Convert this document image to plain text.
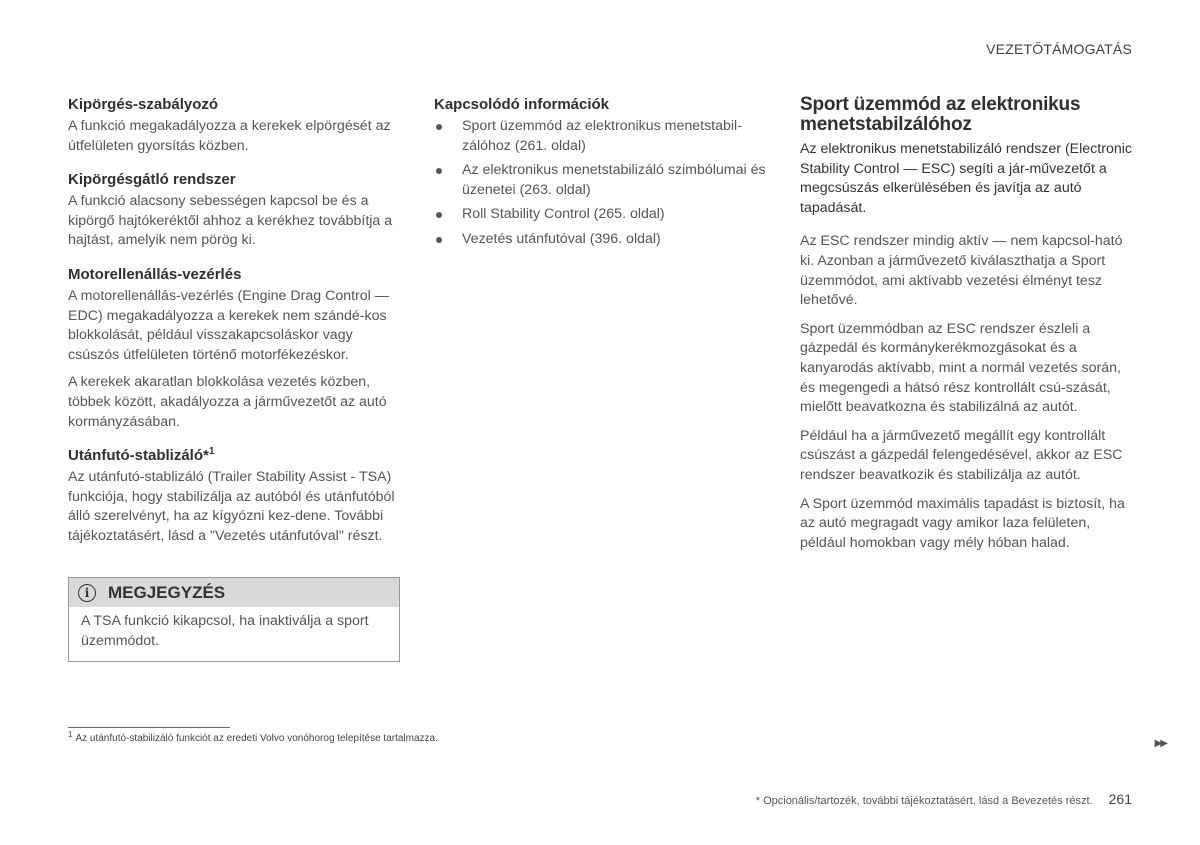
VEZETŐTÁMOGATÁS
Kipörgés-szabályozó

A funkció megakadályozza a kerekek elpörgését az útfelületen gyorsítás közben.

Kipörgésgátló rendszer

A funkció alacsony sebességen kapcsol be és a kipörgő hajtókeréktől ahhoz a kerékhez továbbítja a hajtást, amelyik nem pörög ki.

Motorellenállás-vezérlés

A motorellenállás-vezérlés (Engine Drag Control — EDC) megakadályozza a kerekek nem szándé-kos blokkolását, például visszakapcsoláskor vagy csúszós útfelületen történő motorfékezéskor.

A kerekek akaratlan blokkolása vezetés közben, többek között, akadályozza a járművezetőt az autó kormányzásában.

Utánfutó-stablizáló*$^1$

Az utánfutó-stablizáló (Trailer Stability Assist - TSA) funkciója, hogy stabilizálja az autóból és utánfutóból álló szerelvényt, ha az kígyózni kez-dene. További tájékoztatásért, lásd a "Vezetés utánfutóval" részt.

i	MEGJEGYZÉS
A TSA funkció kikapcsol, ha inaktiválja a sport üzemmódot.
Kapcsolódó információk
Sport üzemmód az elektronikus menetstabil-zálóhoz (261. oldal)
Az elektronikus menetstabilizáló szimbólumai és üzenetei (263. oldal)
Roll Stability Control (265. oldal)
Vezetés utánfutóval (396. oldal)
Sport üzemmód az elektronikus menetstabilzálóhoz

Az elektronikus menetstabilizáló rendszer (Electronic Stability Control — ESC) segíti a jár-művezetőt a megcsúszás elkerülésében és javítja az autó tapadását.

Az ESC rendszer mindig aktív — nem kapcsol-ható ki. Azonban a járművezető kiválaszthatja a Sport üzemmódot, ami aktívabb vezetési élményt tesz lehetővé.

Sport üzemmódban az ESC rendszer észleli a gázpedál és kormánykerékmozgásokat és a kanyarodás aktívabb, mint a normál vezetés során, és megengedi a hátsó rész kontrollált csú-szását, mielőtt beavatkozna és stabilizálná az autót.

Például ha a járművezető megállít egy kontrollált csúszást a gázpedál felengedésével, akkor az ESC rendszer beavatkozik és stabilizálja az autót.

A Sport üzemmód maximális tapadást is biztosít, ha az autó megragadt vagy amikor laza felületen, például homokban vagy mély hóban halad.

$^1$ Az utánfutó-stabilizáló funkciót az eredeti Volvo vonóhorog telepítése tartalmazza.	▶▶
* Opcionális/tartozék, további tájékoztatásért, lásd a Bevezetés részt. 261
